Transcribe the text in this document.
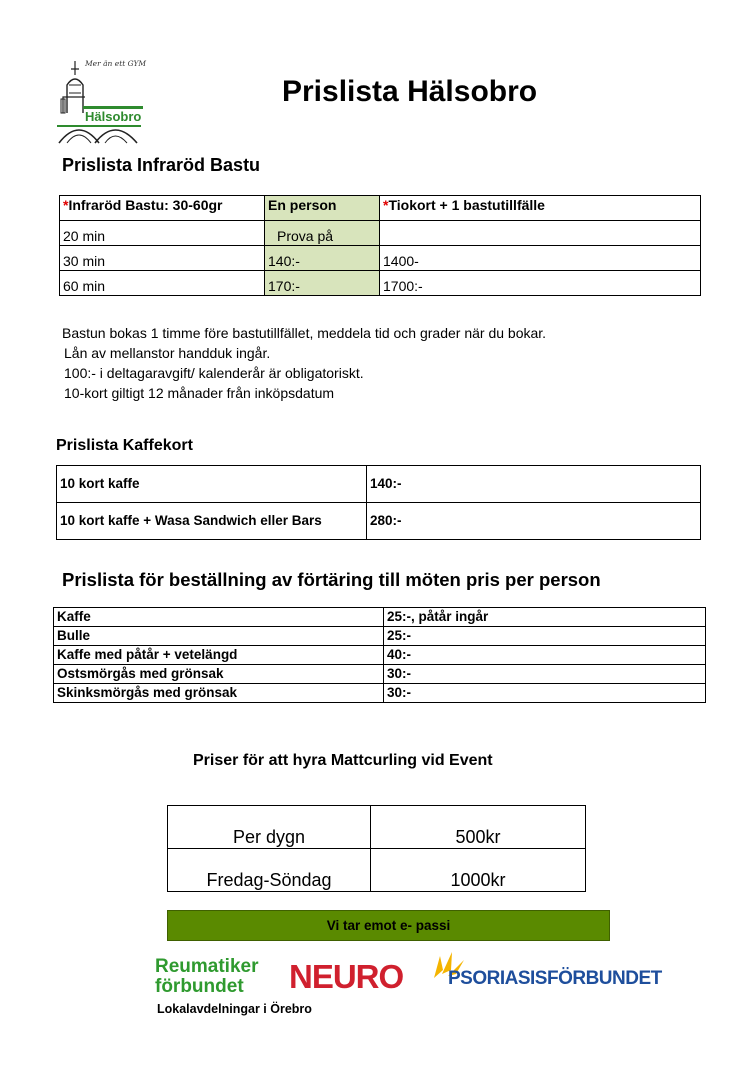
Mer än ett GYM
Hälsobro
Prislista Hälsobro
Prislista Infraröd Bastu
*Infraröd Bastu: 30-60gr	En person	*Tiokort + 1 bastutillfälle
20 min	Prova på	
30 min	140:-	1400-
60 min	170:-	1700:-
Bastun bokas 1 timme före bastutillfället, meddela tid och grader när du bokar.
Lån av mellanstor handduk ingår.
100:- i deltagaravgift/ kalenderår är obligatoriskt.
10-kort giltigt 12 månader från inköpsdatum
Prislista Kaffekort
10 kort kaffe	140:-
10 kort kaffe + Wasa Sandwich eller Bars	280:-
Prislista för beställning av förtäring till möten pris per person
Kaffe	25:-, påtår ingår
Bulle	25:-
Kaffe med påtår + vetelängd	40:-
Ostsmörgås med grönsak	30:-
Skinksmörgås med grönsak	30:-
Priser för att hyra Mattcurling vid Event
Per dygn	500kr
Fredag-Söndag	1000kr
Vi tar emot e- passi
Reumatiker
förbundet	NEURO PSORIASISFÖRBUNDET
Lokalavdelningar i Örebro
